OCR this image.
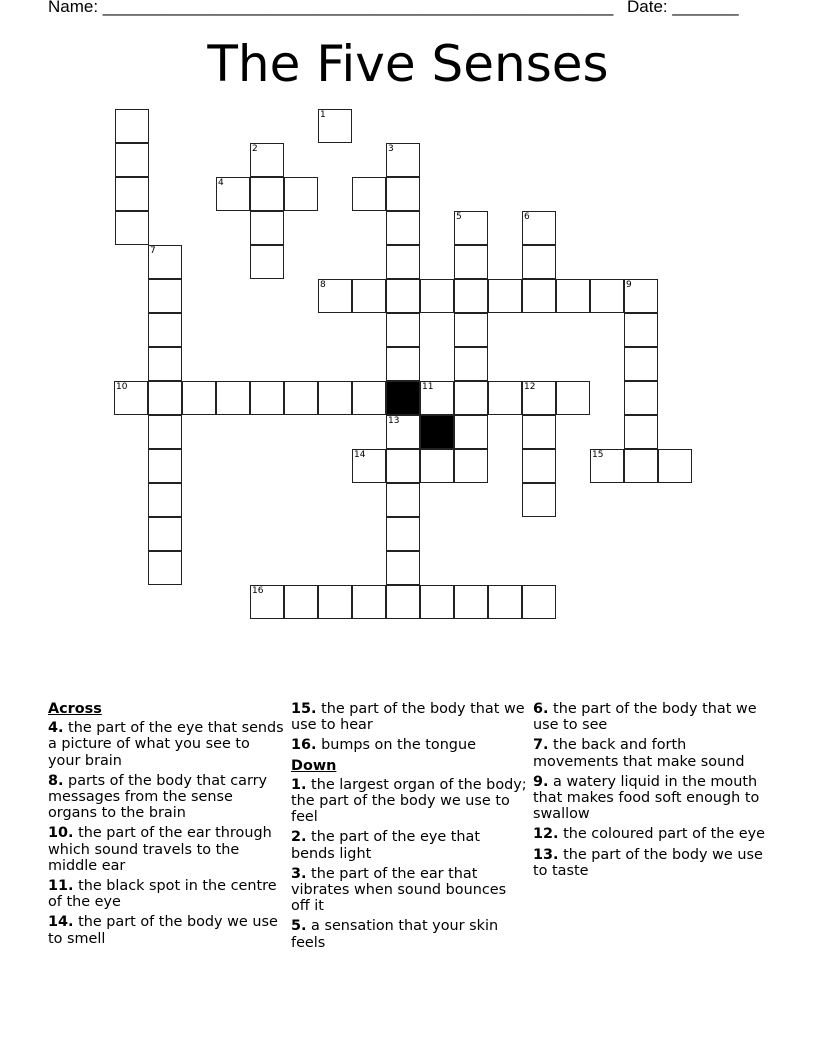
Name: ______________________________________________________ Date: _______
The Five Senses
2	3
13
4
5	6
7
8	9
10	11	12
14	15
16
1
Across
4. the part of the eye that sends a picture of what you see to your brain
8. parts of the body that carry messages from the sense organs to the brain
10. the part of the ear through which sound travels to the middle ear
11. the black spot in the centre of the eye
14. the part of the body we use to smell
15. the part of the body that we use to hear
16. bumps on the tongue
Down
1. the largest organ of the body; the part of the body we use to feel
2. the part of the eye that bends light
3. the part of the ear that vibrates when sound bounces off it
5. a sensation that your skin feels
6. the part of the body that we use to see
7. the back and forth movements that make sound
9. a watery liquid in the mouth that makes food soft enough to swallow
12. the coloured part of the eye
13. the part of the body we use to taste
